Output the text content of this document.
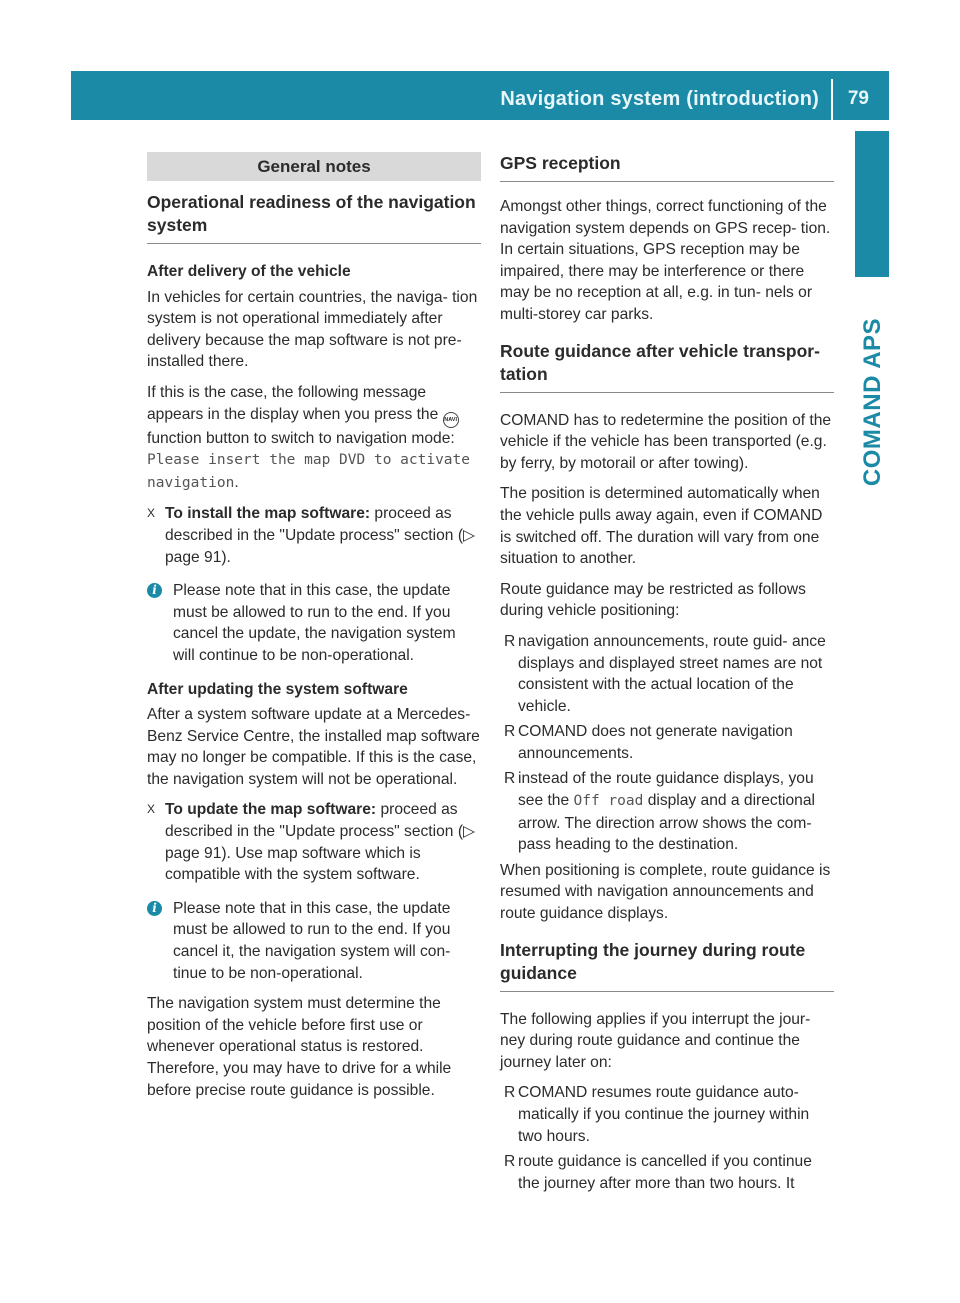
Navigation system (introduction) 79
COMAND APS
General notes
Operational readiness of the navigation system

After delivery of the vehicle

In vehicles for certain countries, the naviga- tion system is not operational immediately after delivery because the map software is not pre-installed there.

If this is the case, the following message appears in the display when you press the NAVIfunction button to switch to navigation mode: Please insert the map DVD to activate navigation.

X To install the map software: proceed as described in the "Update process" section (▷ page 91).

i	Please note that in this case, the update must be allowed to run to the end. If you cancel the update, the navigation system will continue to be non-operational.

After updating the system software

After a system software update at a Mercedes-Benz Service Centre, the installed map software may no longer be compatible. If this is the case, the navigation system will not be operational.

X To update the map software: proceed as described in the "Update process" section (▷ page 91). Use map software which is compatible with the system software.

i	Please note that in this case, the update must be allowed to run to the end. If you cancel it, the navigation system will con- tinue to be non-operational.

The navigation system must determine the position of the vehicle before first use or whenever operational status is restored. Therefore, you may have to drive for a while before precise route guidance is possible.

GPS reception

Amongst other things, correct functioning of the navigation system depends on GPS recep- tion. In certain situations, GPS reception may be impaired, there may be interference or there may be no reception at all, e.g. in tun- nels or multi-storey car parks.

Route guidance after vehicle transpor- tation

COMAND has to redetermine the position of the vehicle if the vehicle has been transported (e.g. by ferry, by motorail or after towing).

The position is determined automatically when the vehicle pulls away again, even if COMAND is switched off. The duration will vary from one situation to another.

Route guidance may be restricted as follows during vehicle positioning:

R navigation announcements, route guid- ance displays and displayed street names are not consistent with the actual location of the vehicle.
R COMAND does not generate navigation announcements.
R instead of the route guidance displays, you see the Off road display and a directional arrow. The direction arrow shows the com- pass heading to the destination.

When positioning is complete, route guidance is resumed with navigation announcements and route guidance displays.

Interrupting the journey during route guidance

The following applies if you interrupt the jour- ney during route guidance and continue the journey later on:

R COMAND resumes route guidance auto- matically if you continue the journey within two hours.
R route guidance is cancelled if you continue the journey after more than two hours. It
